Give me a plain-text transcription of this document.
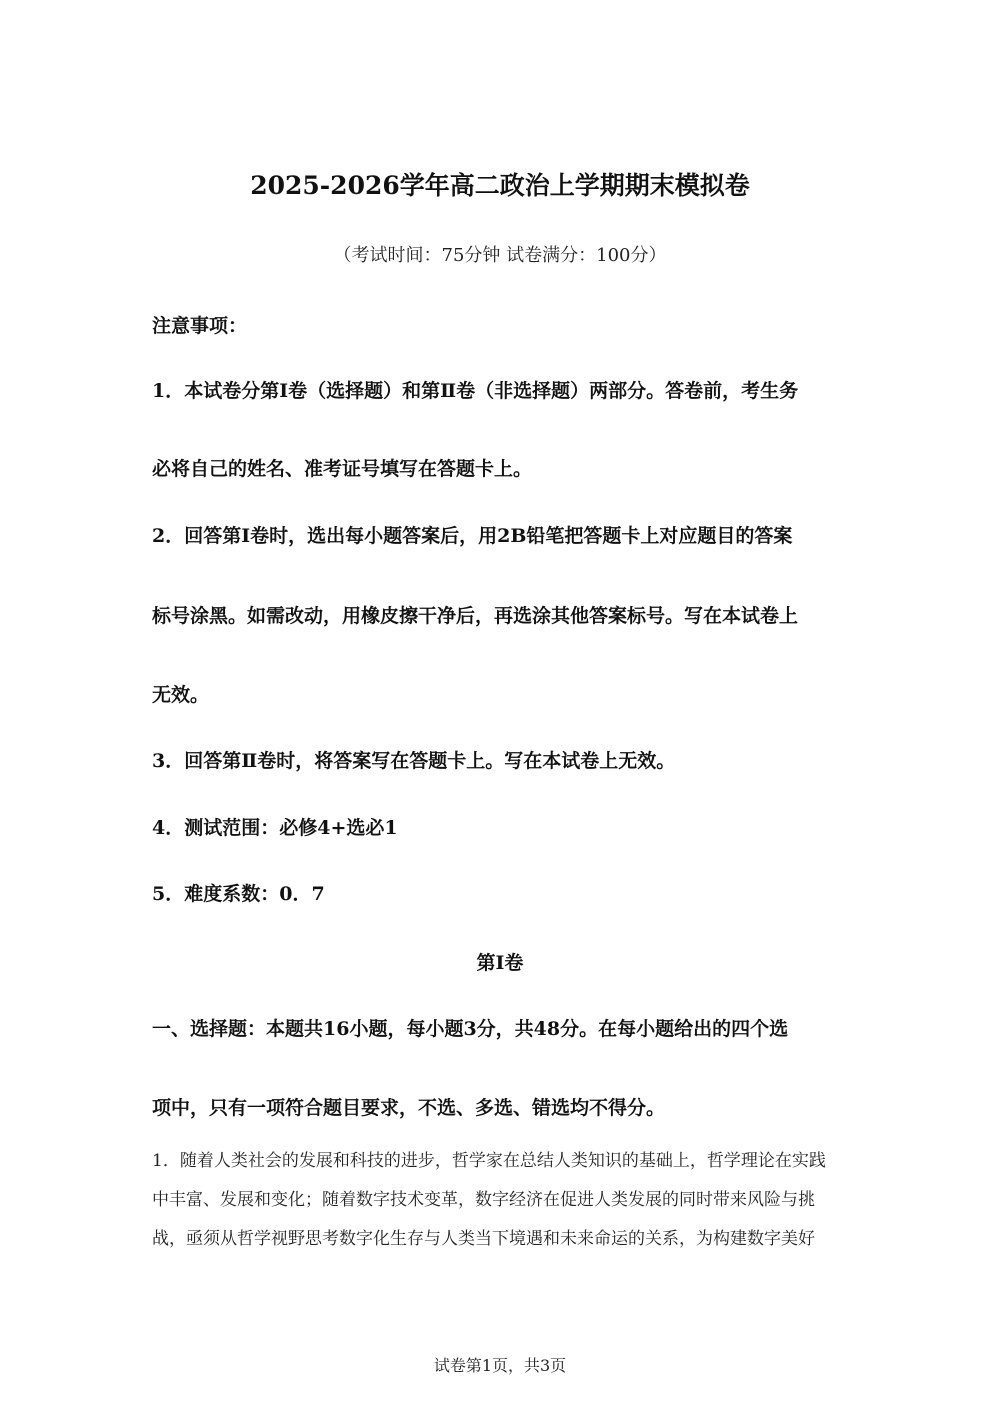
2025-2026学年高二政治上学期期末模拟卷
（考试时间：75分钟 试卷满分：100分）
注意事项：
1．本试卷分第Ⅰ卷（选择题）和第Ⅱ卷（非选择题）两部分。答卷前，考生务
必将自己的姓名、准考证号填写在答题卡上。
2．回答第Ⅰ卷时，选出每小题答案后，用2B铅笔把答题卡上对应题目的答案
标号涂黑。如需改动，用橡皮擦干净后，再选涂其他答案标号。写在本试卷上
无效。
3．回答第Ⅱ卷时，将答案写在答题卡上。写在本试卷上无效。
4．测试范围：必修4+选必1
5．难度系数：0．7
第Ⅰ卷
一、选择题：本题共16小题，每小题3分，共48分。在每小题给出的四个选
项中，只有一项符合题目要求，不选、多选、错选均不得分。
1．随着人类社会的发展和科技的进步，哲学家在总结人类知识的基础上，哲学理论在实践
中丰富、发展和变化；随着数字技术变革，数字经济在促进人类发展的同时带来风险与挑
战，亟须从哲学视野思考数字化生存与人类当下境遇和未来命运的关系，为构建数字美好
试卷第1页，共3页
